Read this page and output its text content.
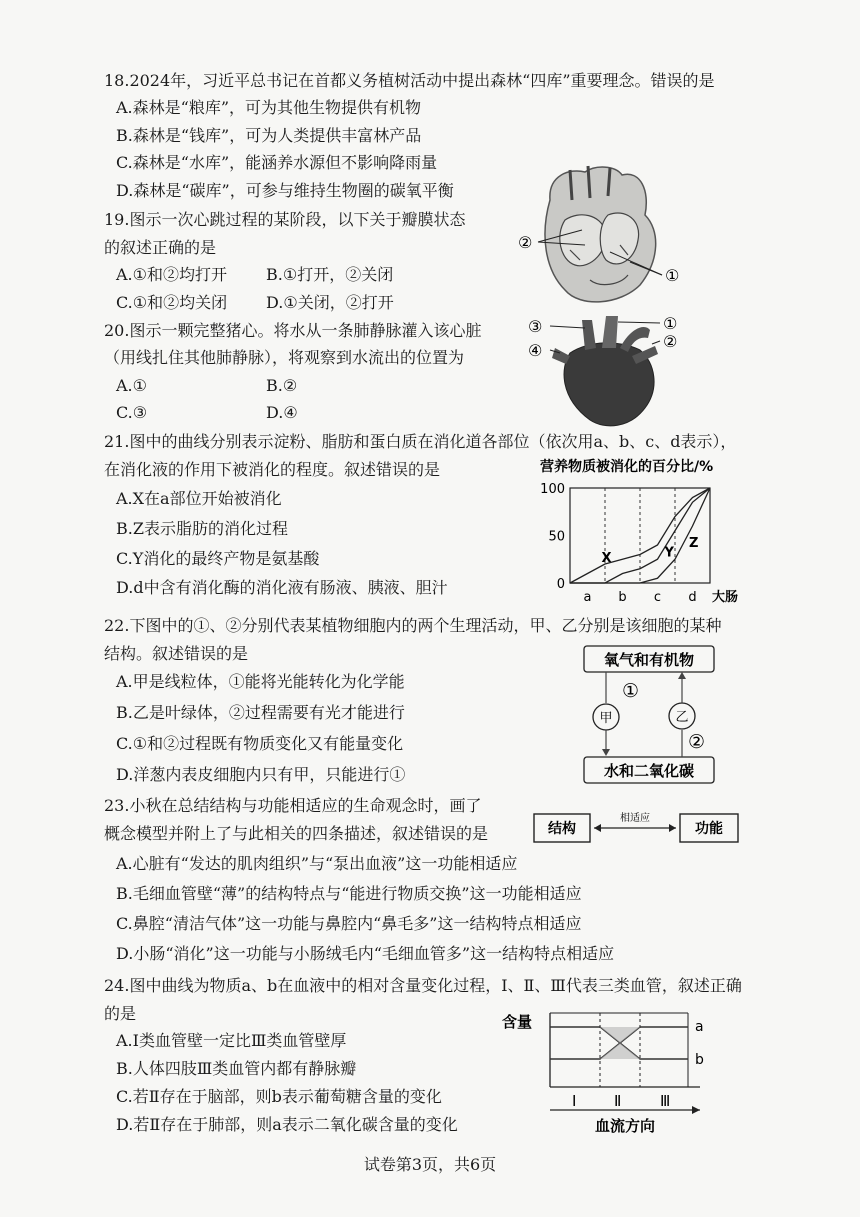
18.2024年，习近平总书记在首都义务植树活动中提出森林“四库”重要理念。错误的是
A.森林是“粮库”，可为其他生物提供有机物
B.森林是“钱库”，可为人类提供丰富林产品
C.森林是“水库”，能涵养水源但不影响降雨量
D.森林是“碳库”，可参与维持生物圈的碳氧平衡
19.图示一次心跳过程的某阶段，以下关于瓣膜状态
的叙述正确的是
A.①和②均打开 B.①打开，②关闭
C.①和②均关闭 D.①关闭，②打开
②
①
20.图示一颗完整猪心。将水从一条肺静脉灌入该心脏
（用线扎住其他肺静脉），将观察到水流出的位置为
A.①	B.②
C.③	D.④
③
④
①
②
21.图中的曲线分别表示淀粉、脂肪和蛋白质在消化道各部位（依次用a、b、c、d表示），
在消化液的作用下被消化的程度。叙述错误的是
A.X在a部位开始被消化
B.Z表示脂肪的消化过程
C.Y消化的最终产物是氨基酸
D.d中含有消化酶的消化液有肠液、胰液、胆汁
营养物质被消化的百分比/%
0
50
100
a b c d 大肠
X	Y
Z
22.下图中的①、②分别代表某植物细胞内的两个生理活动，甲、乙分别是该细胞的某种
结构。叙述错误的是
A.甲是线粒体，①能将光能转化为化学能
B.乙是叶绿体，②过程需要有光才能进行
C.①和②过程既有物质变化又有能量变化
D.洋葱内表皮细胞内只有甲，只能进行①
氧气和有机物
水和二氧化碳
甲
①
乙
②
23.小秋在总结结构与功能相适应的生命观念时，画了
概念模型并附上了与此相关的四条描述，叙述错误的是
A.心脏有“发达的肌肉组织”与“泵出血液”这一功能相适应
B.毛细血管壁“薄”的结构特点与“能进行物质交换”这一功能相适应
C.鼻腔“清洁气体”这一功能与鼻腔内“鼻毛多”这一结构特点相适应
D.小肠“消化”这一功能与小肠绒毛内“毛细血管多”这一结构特点相适应
结构	功能
相适应
24.图中曲线为物质a、b在血液中的相对含量变化过程，Ⅰ、Ⅱ、Ⅲ代表三类血管，叙述正确
的是
A.Ⅰ类血管壁一定比Ⅲ类血管壁厚
B.人体四肢Ⅲ类血管内都有静脉瓣
C.若Ⅱ存在于脑部，则b表示葡萄糖含量的变化
D.若Ⅱ存在于肺部，则a表示二氧化碳含量的变化
含量	a
b
Ⅰ	Ⅱ	Ⅲ
血流方向
试卷第3页，共6页
